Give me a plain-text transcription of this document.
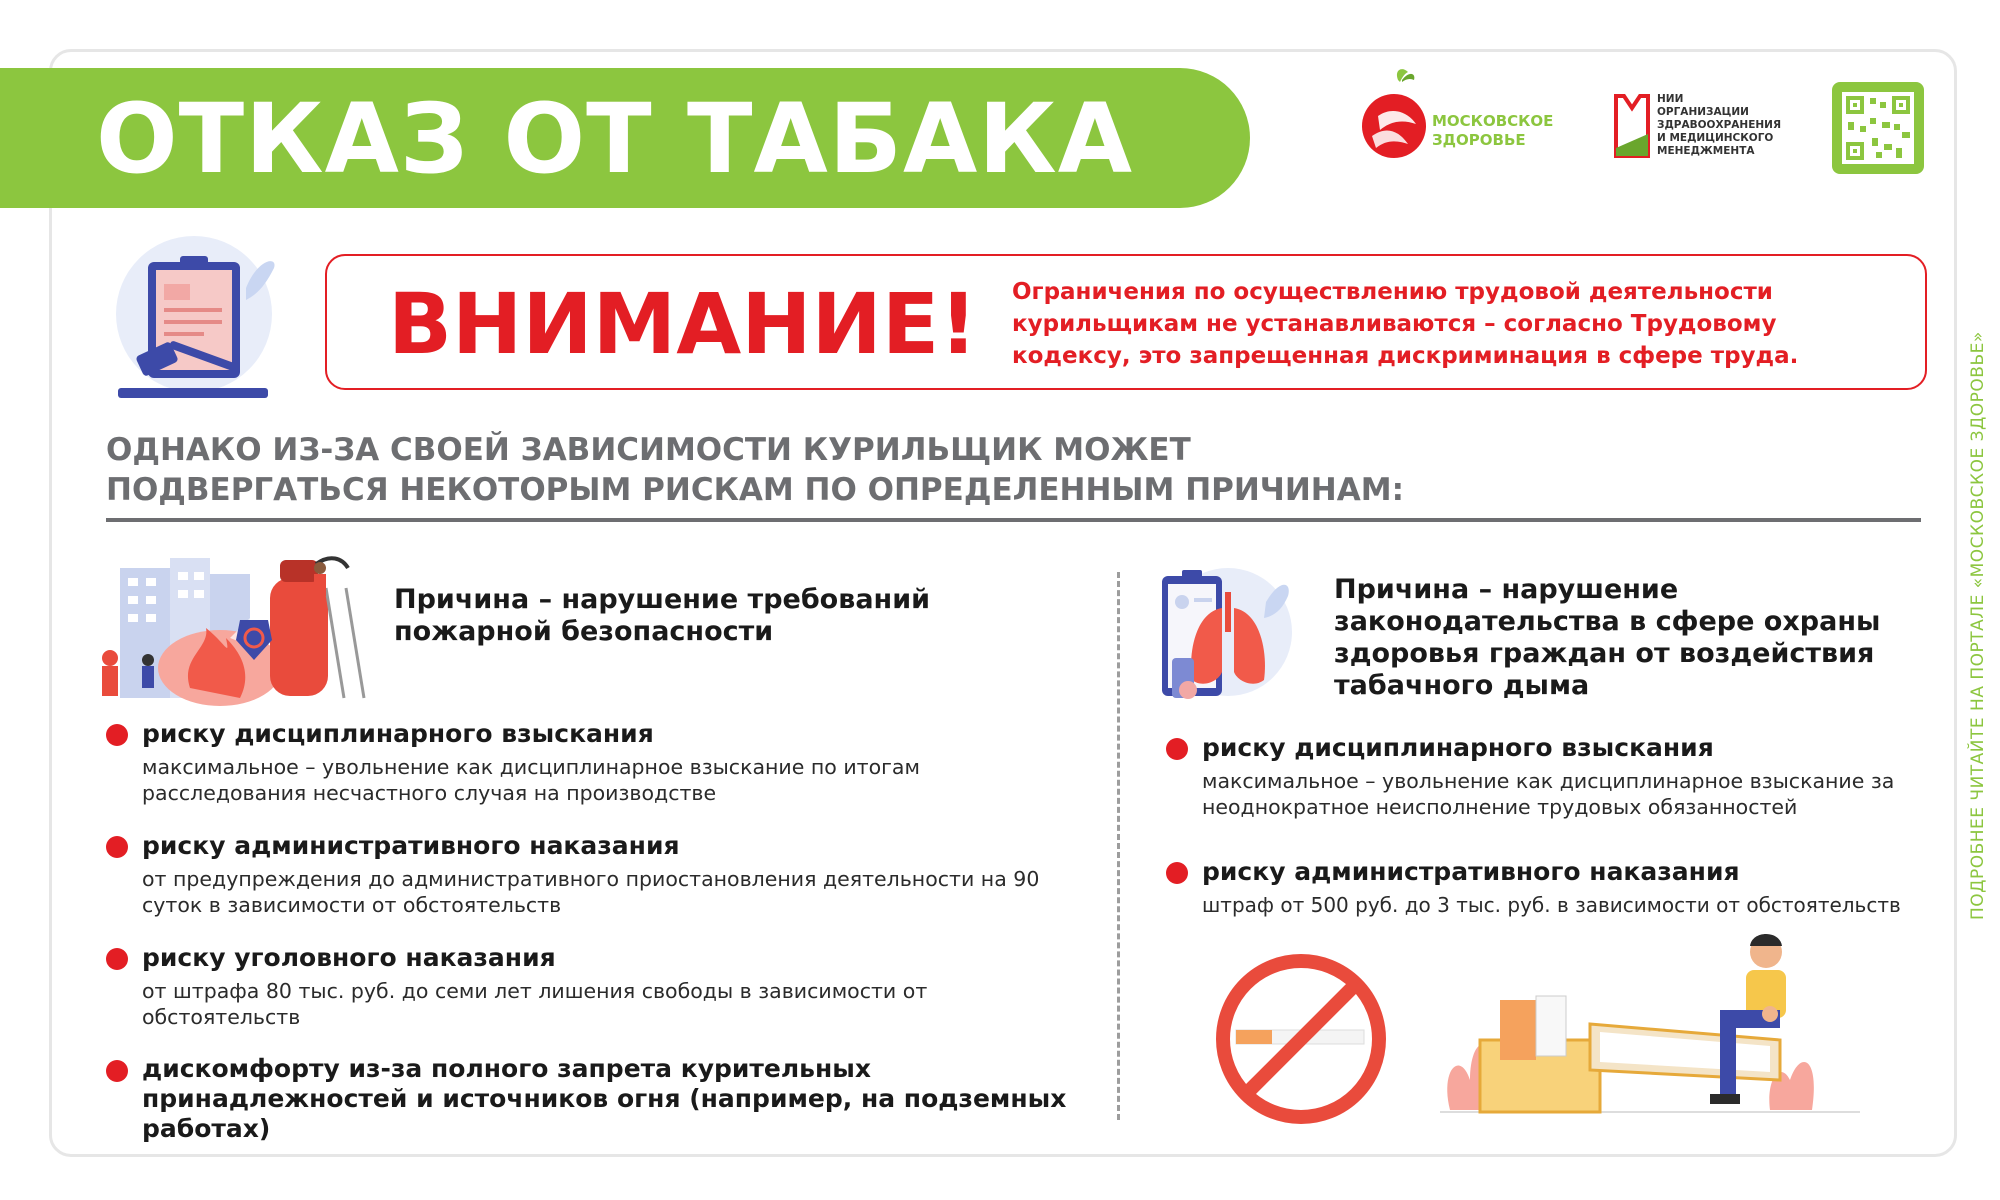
ОТКАЗ ОТ ТАБАКА	МОСКОВСКОЕ
ЗДОРОВЬЕ
НИИ
ОРГАНИЗАЦИИ
ЗДРАВООХРАНЕНИЯ
И МЕДИЦИНСКОГО
МЕНЕДЖМЕНТА
ПОДРОБНЕЕ ЧИТАЙТЕ НА ПОРТАЛЕ «МОСКОВСКОЕ ЗДОРОВЬЕ»
ВНИМАНИЕ! Ограничения по осуществлению трудовой деятельности курильщикам не устанавливаются – согласно Трудовому кодексу, это запрещенная дискриминация в сфере труда.
ОДНАКО ИЗ-ЗА СВОЕЙ ЗАВИСИМОСТИ КУРИЛЬЩИК МОЖЕТ ПОДВЕРГАТЬСЯ НЕКОТОРЫМ РИСКАМ ПО ОПРЕДЕЛЕННЫМ ПРИЧИНАМ:
Причина – нарушение требований пожарной безопасности
риску дисциплинарного взыскания
максимальное – увольнение как дисциплинарное взыскание по итогам расследования несчастного случая на производстве
риску административного наказания
от предупреждения до административного приостановления деятельности на 90 суток в зависимости от обстоятельств
риску уголовного наказания
от штрафа 80 тыс. руб. до семи лет лишения свободы в зависимости от обстоятельств
дискомфорту из-за полного запрета курительных принадлежностей и источников огня (например, на подземных работах)
Причина – нарушение законодательства в сфере охраны здоровья граждан от воздействия табачного дыма
риску дисциплинарного взыскания
максимальное – увольнение как дисциплинарное взыскание за неоднократное неисполнение трудовых обязанностей
риску административного наказания
штраф от 500 руб. до 3 тыс. руб. в зависимости от обстоятельств
